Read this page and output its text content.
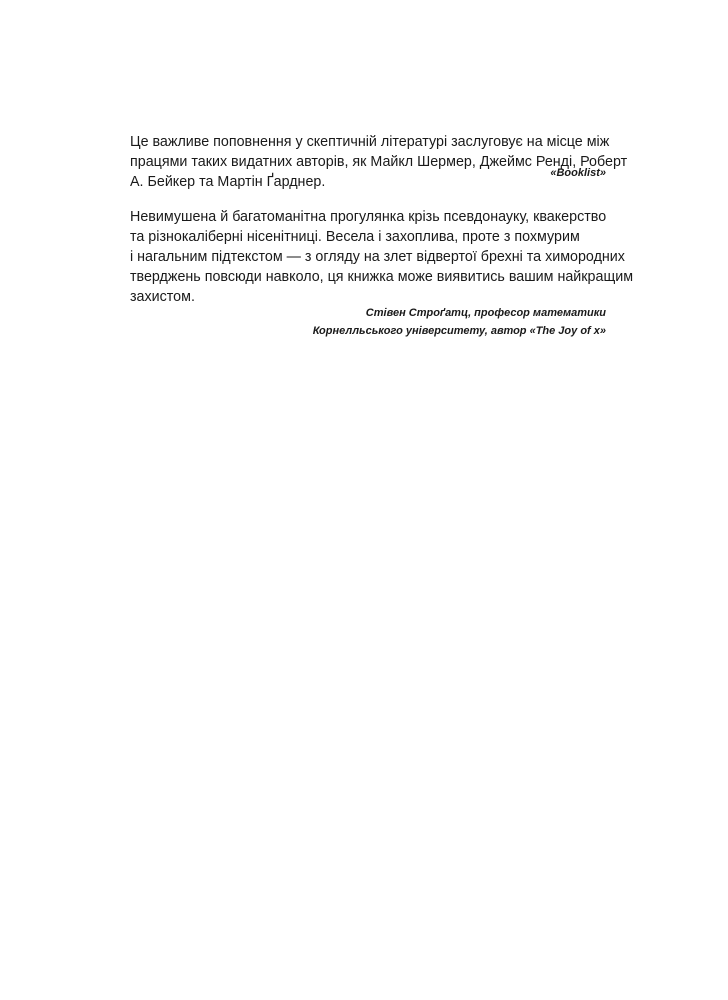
Це важливе поповнення у скептичній літературі заслуговує на місце між
працями таких видатних авторів, як Майкл Шермер, Джеймс Ренді, Роберт
А. Бейкер та Мартін Ґарднер.
«Booklist»
Невимушена й багатоманітна прогулянка крізь псевдонауку, квакерство
та різнокаліберні нісенітниці. Весела і захоплива, проте з похмурим
і нагальним підтекстом — з огляду на злет відвертої брехні та химородних
тверджень повсюди навколо, ця книжка може виявитись вашим найкращим
захистом.
Стівен Строґатц, професор математики
Корнелльського університету, автор «The Joy of x»
